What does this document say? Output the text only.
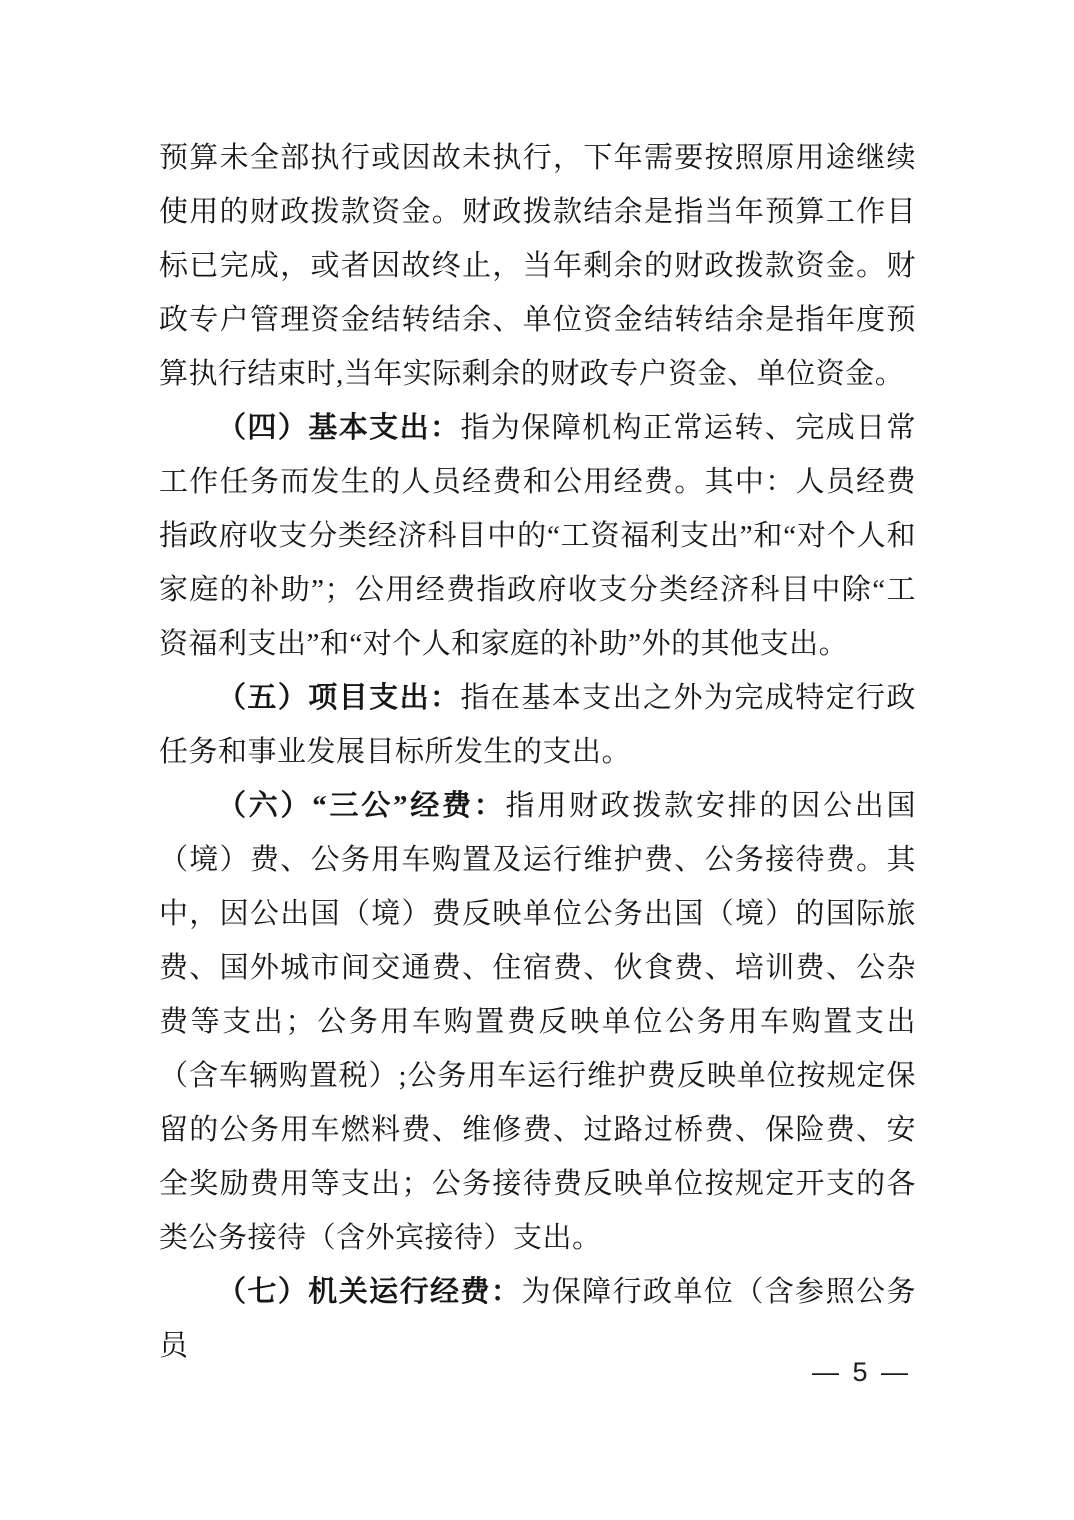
预算未全部执行或因故未执行，下年需要按照原用途继续使用的财政拨款资金。财政拨款结余是指当年预算工作目标已完成，或者因故终止，当年剩余的财政拨款资金。财政专户管理资金结转结余、单位资金结转结余是指年度预算执行结束时,当年实际剩余的财政专户资金、单位资金。

（四）基本支出：指为保障机构正常运转、完成日常工作任务而发生的人员经费和公用经费。其中：人员经费指政府收支分类经济科目中的“工资福利支出”和“对个人和家庭的补助”；公用经费指政府收支分类经济科目中除“工资福利支出”和“对个人和家庭的补助”外的其他支出。

（五）项目支出：指在基本支出之外为完成特定行政任务和事业发展目标所发生的支出。

（六）“三公”经费：指用财政拨款安排的因公出国（境）费、公务用车购置及运行维护费、公务接待费。其中，因公出国（境）费反映单位公务出国（境）的国际旅费、国外城市间交通费、住宿费、伙食费、培训费、公杂费等支出；公务用车购置费反映单位公务用车购置支出（含车辆购置税）;公务用车运行维护费反映单位按规定保留的公务用车燃料费、维修费、过路过桥费、保险费、安全奖励费用等支出；公务接待费反映单位按规定开支的各类公务接待（含外宾接待）支出。

（七）机关运行经费：为保障行政单位（含参照公务员

— 5 —
